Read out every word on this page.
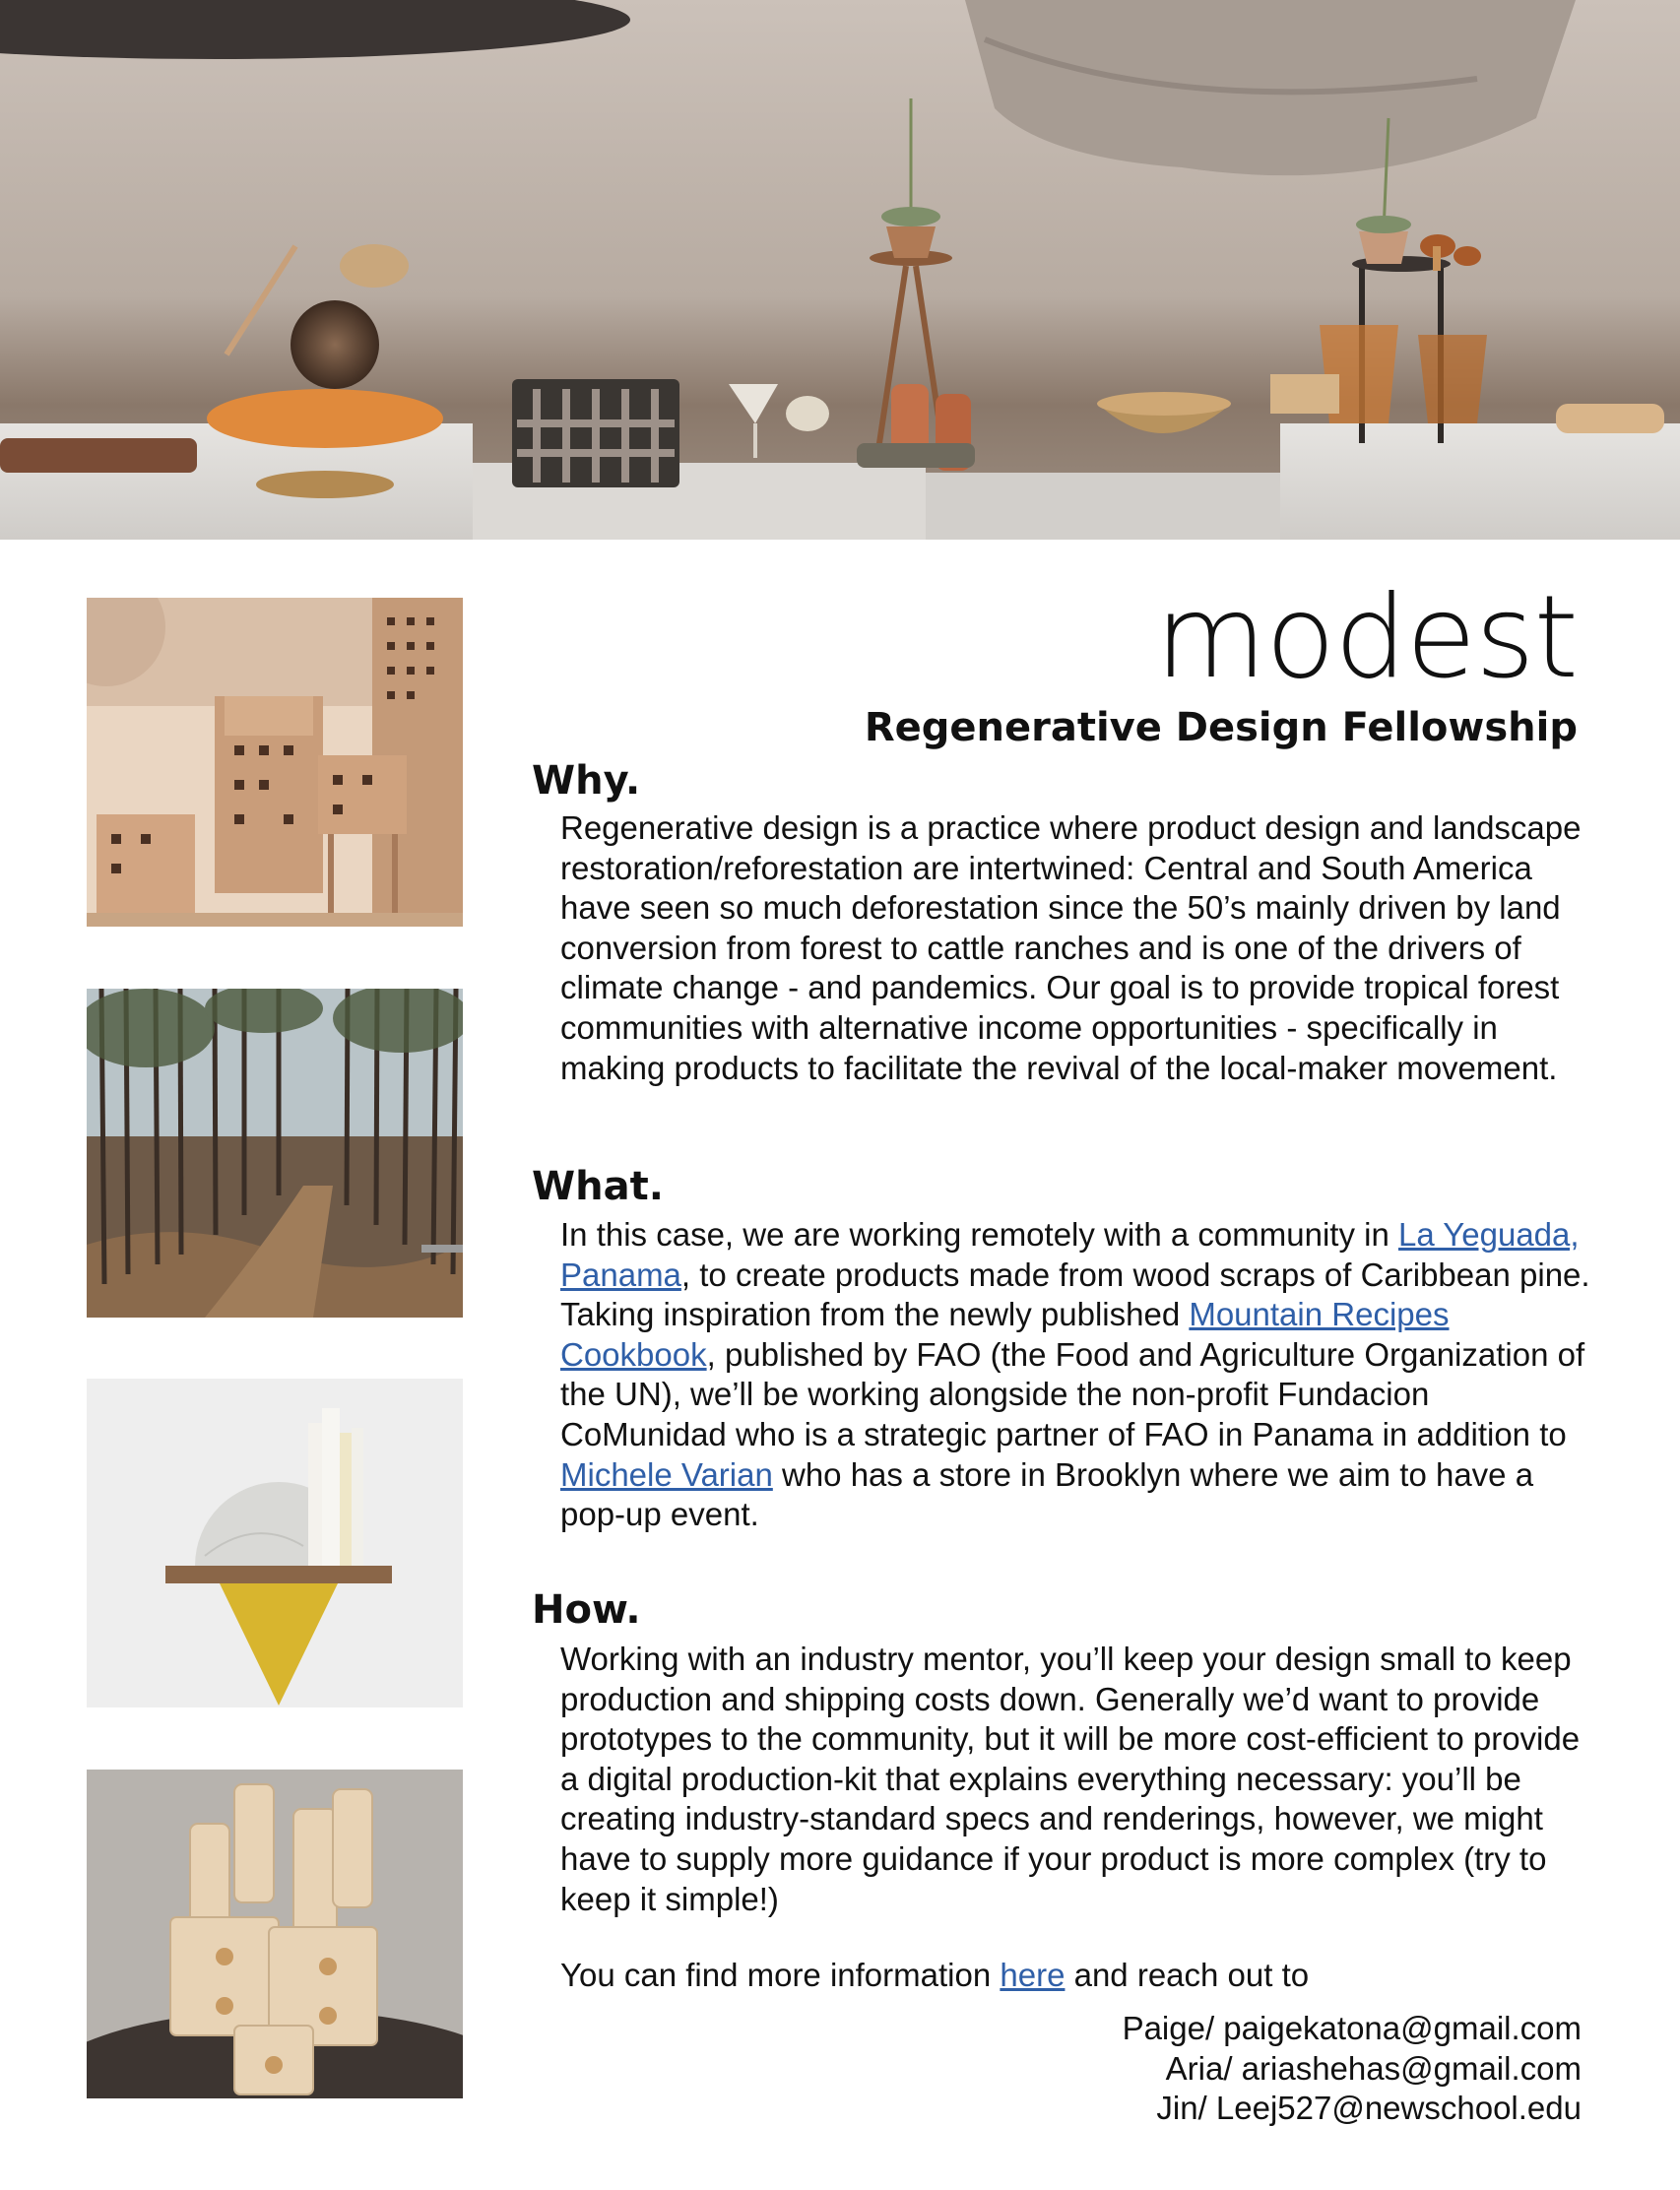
modest
Regenerative Design Fellowship
Why.

Regenerative design is a practice where product design and landscape restoration/reforestation are intertwined: Central and South America have seen so much deforestation since the 50’s mainly driven by land conversion from forest to cattle ranches and is one of the drivers of climate change - and pandemics. Our goal is to provide tropical forest communities with alternative income opportunities - specifically in making products to facilitate the revival of the local-maker movement.

What.

In this case, we are working remotely with a community in La Yeguada, Panama, to create products made from wood scraps of Caribbean pine. Taking inspiration from the newly published Mountain Recipes Cookbook, published by FAO (the Food and Agriculture Organization of the UN), we’ll be working alongside the non-profit Fundacion CoMunidad who is a strategic partner of FAO in Panama in addition to Michele Varian who has a store in Brooklyn where we aim to have a pop-up event.

How.

Working with an industry mentor, you’ll keep your design small to keep production and shipping costs down. Generally we’d want to provide prototypes to the community, but it will be more cost-efficient to provide a digital production-kit that explains everything necessary: you’ll be creating industry-standard specs and renderings, however, we might have to supply more guidance if your product is more complex (try to keep it simple!)

You can find more information here and reach out to

Paige/ paigekatona@gmail.com
Aria/ ariashehas@gmail.com
Jin/ Leej527@newschool.edu
